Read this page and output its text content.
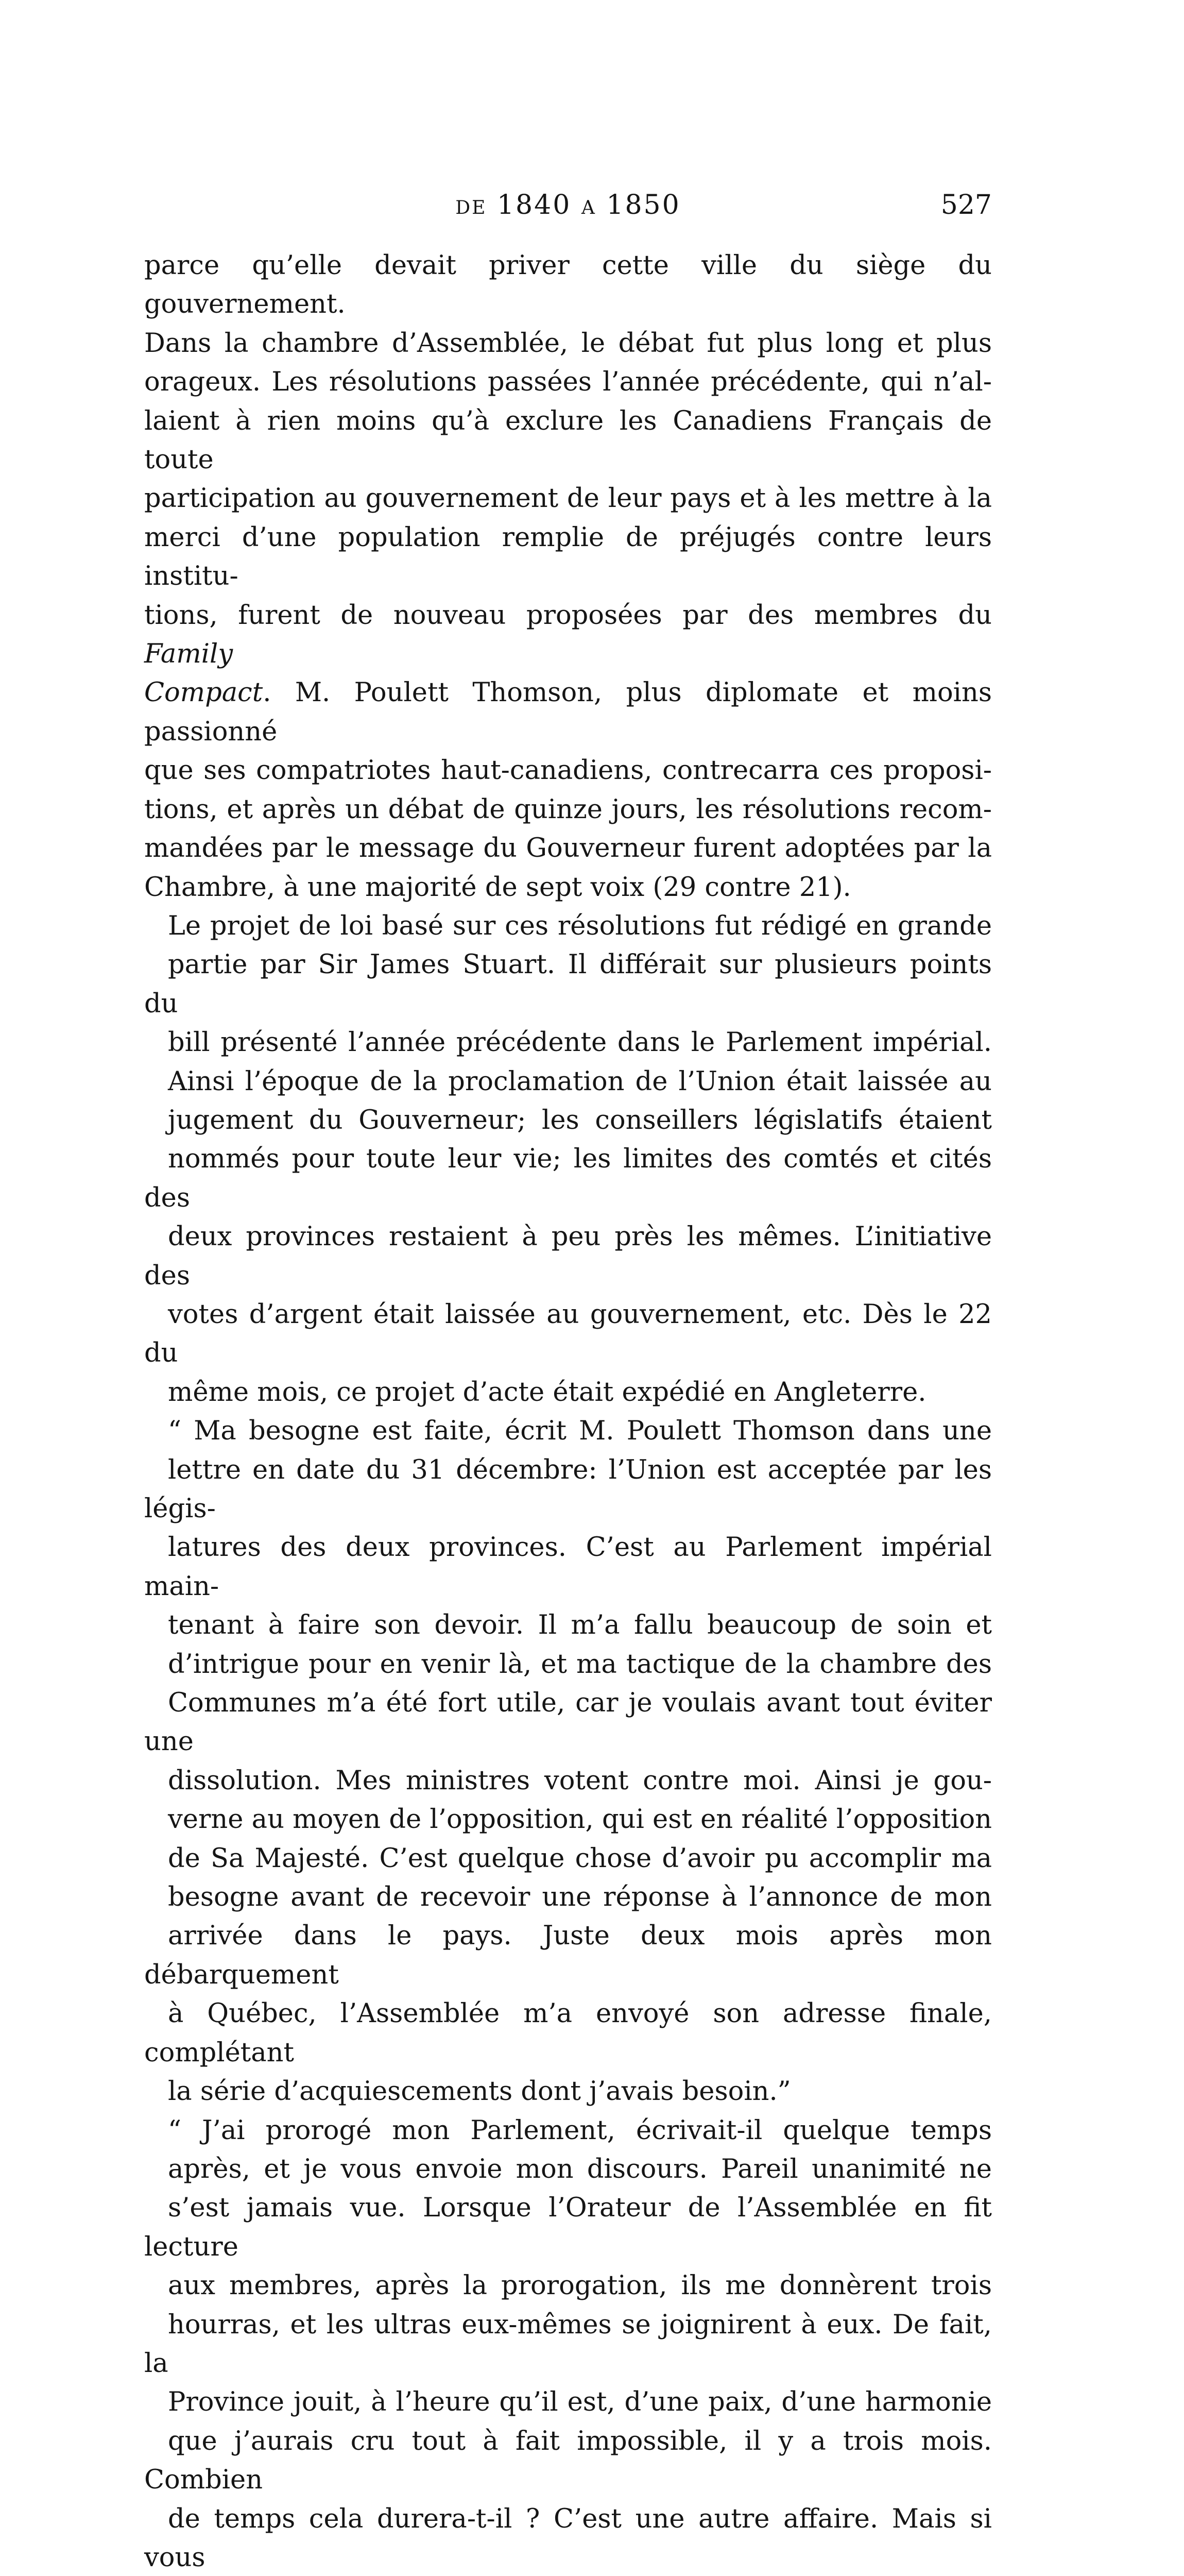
de 1840 a 1850	527

parce qu’elle devait priver cette ville du siège du gouvernement.
Dans la chambre d’Assemblée, le débat fut plus long et plus
orageux. Les résolutions passées l’année précédente, qui n’al-
laient à rien moins qu’à exclure les Canadiens Français de toute
participation au gouvernement de leur pays et à les mettre à la
merci d’une population remplie de préjugés contre leurs institu-
tions, furent de nouveau proposées par des membres du Family
Compact. M. Poulett Thomson, plus diplomate et moins passionné
que ses compatriotes haut-canadiens, contrecarra ces proposi-
tions, et après un débat de quinze jours, les résolutions recom-
mandées par le message du Gouverneur furent adoptées par la
Chambre, à une majorité de sept voix (29 contre 21).

Le projet de loi basé sur ces résolutions fut rédigé en grande
partie par Sir James Stuart. Il différait sur plusieurs points du
bill présenté l’année précédente dans le Parlement impérial.
Ainsi l’époque de la proclamation de l’Union était laissée au
jugement du Gouverneur; les conseillers législatifs étaient
nommés pour toute leur vie; les limites des comtés et cités des
deux provinces restaient à peu près les mêmes. L’initiative des
votes d’argent était laissée au gouvernement, etc. Dès le 22 du
même mois, ce projet d’acte était expédié en Angleterre.

“ Ma besogne est faite, écrit M. Poulett Thomson dans une
lettre en date du 31 décembre: l’Union est acceptée par les légis-
latures des deux provinces. C’est au Parlement impérial main-
tenant à faire son devoir. Il m’a fallu beaucoup de soin et
d’intrigue pour en venir là, et ma tactique de la chambre des
Communes m’a été fort utile, car je voulais avant tout éviter une
dissolution. Mes ministres votent contre moi. Ainsi je gou-
verne au moyen de l’opposition, qui est en réalité l’opposition
de Sa Majesté. C’est quelque chose d’avoir pu accomplir ma
besogne avant de recevoir une réponse à l’annonce de mon
arrivée dans le pays. Juste deux mois après mon débarquement
à Québec, l’Assemblée m’a envoyé son adresse finale, complétant
la série d’acquiescements dont j’avais besoin.”

“ J’ai prorogé mon Parlement, écrivait-il quelque temps
après, et je vous envoie mon discours. Pareil unanimité ne
s’est jamais vue. Lorsque l’Orateur de l’Assemblée en fit lecture
aux membres, après la prorogation, ils me donnèrent trois
hourras, et les ultras eux-mêmes se joignirent à eux. De fait, la
Province jouit, à l’heure qu’il est, d’une paix, d’une harmonie
que j’aurais cru tout à fait impossible, il y a trois mois. Combien
de temps cela durera-t-il ? C’est une autre affaire. Mais si vous
